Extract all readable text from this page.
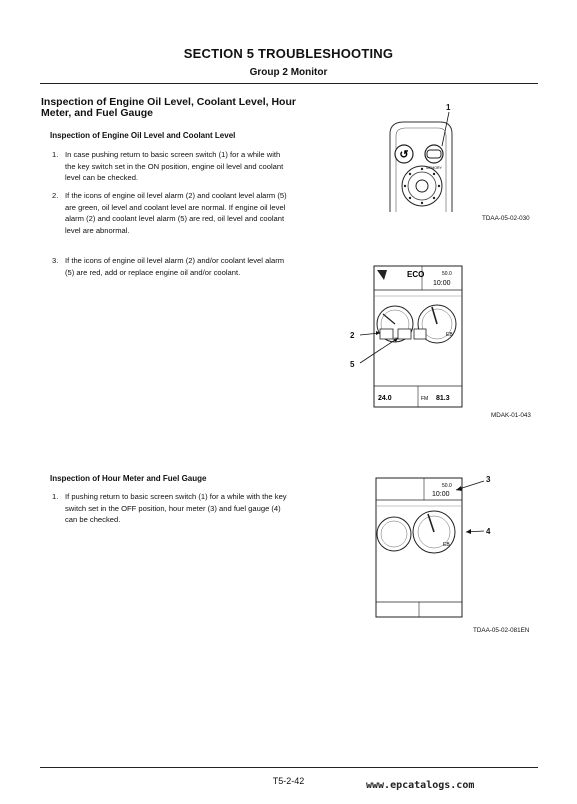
SECTION 5 TROUBLESHOOTING
Group 2 Monitor
Inspection of Engine Oil Level, Coolant Level, Hour Meter, and Fuel Gauge
Inspection of Engine Oil Level and Coolant Level
1. In case pushing return to basic screen switch (1) for a while with the key switch set in the ON position, engine oil level and coolant level can be checked.
2. If the icons of engine oil level alarm (2) and coolant level alarm (5) are green, oil level and coolant level are normal. If engine oil level alarm (2) and coolant level alarm (5) are red, oil level and coolant level are abnormal.
3. If the icons of engine oil level alarm (2) and/or coolant level alarm (5) are red, add or replace engine oil and/or coolant.
Inspection of Hour Meter and Fuel Gauge
1. If pushing return to basic screen switch (1) for a while with the key switch set in the OFF position, hour meter (3) and fuel gauge (4) can be checked.
1
↺
MEMORY
TDAA-05-02-030
ECO	50.0
10:00
EB
24.0	FM 81.3
2
5
MDAK-01-043
50.0
10:00
EB
3
4
TDAA-05-02-081EN
T5-2-42	www.epcatalogs.com
